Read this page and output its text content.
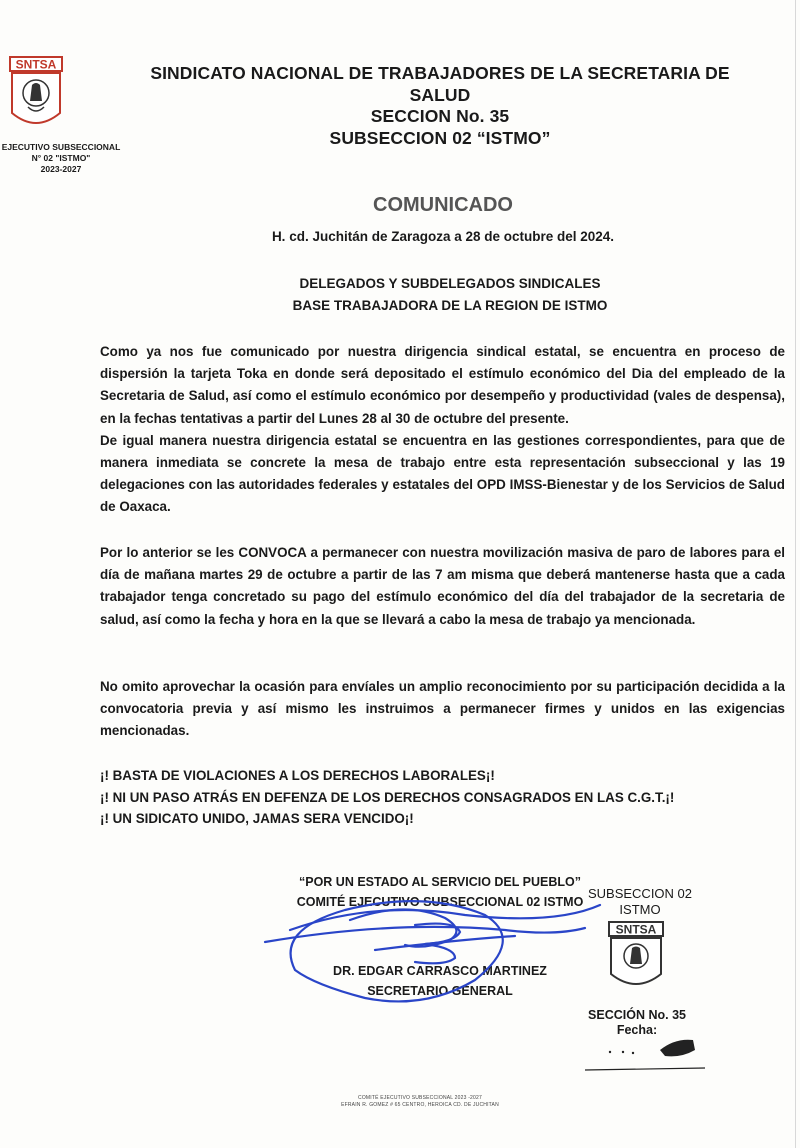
SNTSA
EJECUTIVO SUBSECCIONAL
N° 02 "ISTMO"
2023-2027
SINDICATO NACIONAL DE TRABAJADORES DE LA SECRETARIA DE
SALUD
SECCION No. 35
SUBSECCION 02 “ISTMO”
COMUNICADO
H. cd. Juchitán de Zaragoza a 28 de octubre del 2024.
DELEGADOS Y SUBDELEGADOS SINDICALES
BASE TRABAJADORA DE LA REGION DE ISTMO
Como ya nos fue comunicado por nuestra dirigencia sindical estatal, se encuentra en proceso de dispersión la tarjeta Toka en donde será depositado el estímulo económico del Dia del empleado de la Secretaria de Salud, así como el estímulo económico por desempeño y productividad (vales de despensa), en la fechas tentativas a partir del Lunes 28 al 30 de octubre del presente.
De igual manera nuestra dirigencia estatal se encuentra en las gestiones correspondientes, para que de manera inmediata se concrete la mesa de trabajo entre esta representación subseccional y las 19 delegaciones con las autoridades federales y estatales del OPD IMSS-Bienestar y de los Servicios de Salud de Oaxaca.

Por lo anterior se les CONVOCA a permanecer con nuestra movilización masiva de paro de labores para el día de mañana martes 29 de octubre a partir de las 7 am misma que deberá mantenerse hasta que a cada trabajador tenga concretado su pago del estímulo económico del día del trabajador de la secretaria de salud, así como la fecha y hora en la que se llevará a cabo la mesa de trabajo ya mencionada.

No omito aprovechar la ocasión para envíales un amplio reconocimiento por su participación decidida a la convocatoria previa y así mismo les instruimos a permanecer firmes y unidos en las exigencias mencionadas.

¡! BASTA DE VIOLACIONES A LOS DERECHOS LABORALES¡!
¡! NI UN PASO ATRÁS EN DEFENZA DE LOS DERECHOS CONSAGRADOS EN LAS C.G.T.¡!
¡! UN SIDICATO UNIDO, JAMAS SERA VENCIDO¡!
“POR UN ESTADO AL SERVICIO DEL PUEBLO”
COMITÉ EJECUTIVO SUBSECCIONAL 02 ISTMO
DR. EDGAR CARRASCO MARTINEZ
SECRETARIO GENERAL
SUBSECCION 02
ISTMO
SNTSA
SECCIÓN No. 35
Fecha:
COMITÉ EJECUTIVO SUBSECCIONAL 2023 -2027
EFRAIN R. GOMEZ # 65 CENTRO, HEROICA CD. DE JUCHITAN
